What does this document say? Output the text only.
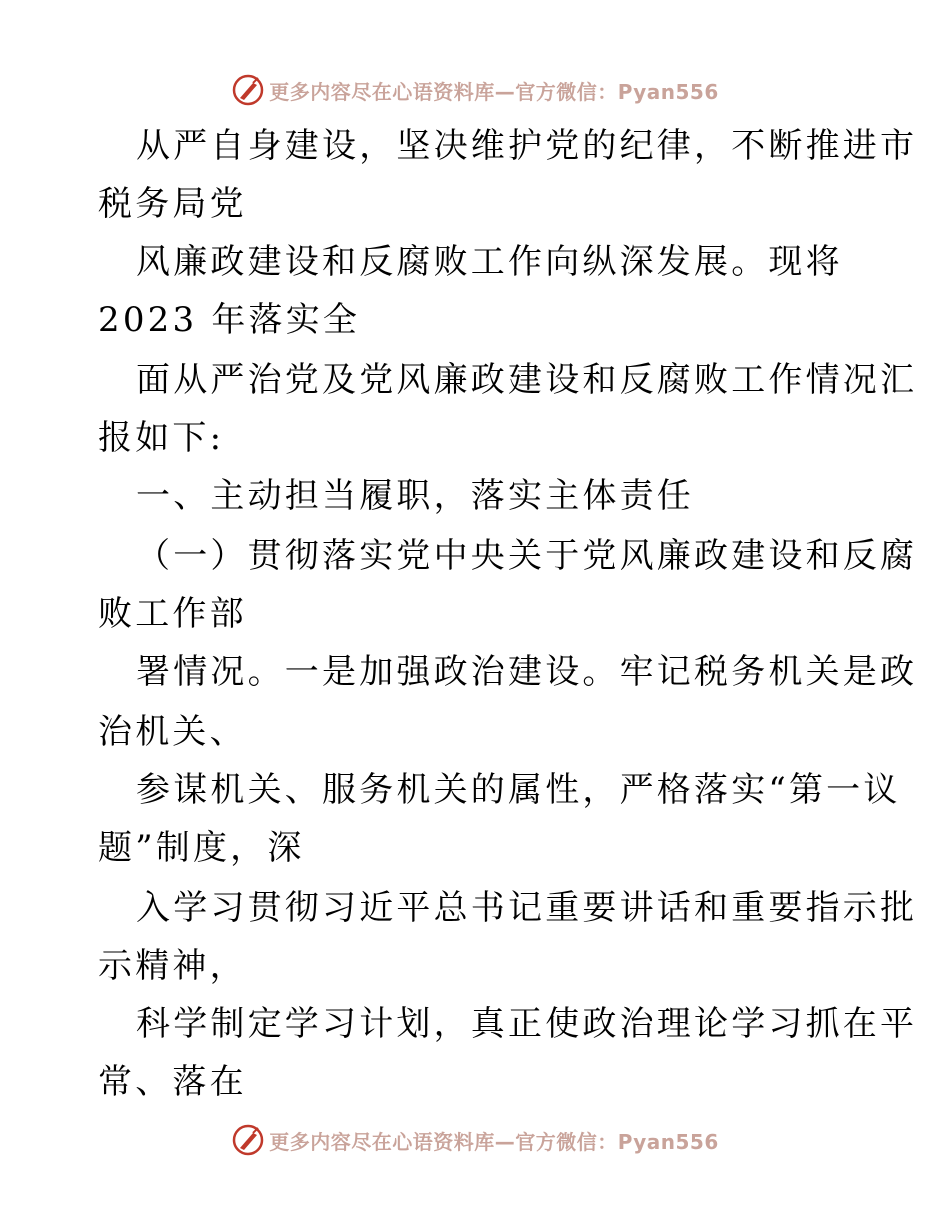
更多内容尽在心语资料库—官方微信：Pyan556
从严自身建设，坚决维护党的纪律，不断推进市
税务局党
风廉政建设和反腐败工作向纵深发展。现将
2023 年落实全
面从严治党及党风廉政建设和反腐败工作情况汇
报如下:
一、主动担当履职，落实主体责任
（一）贯彻落实党中央关于党风廉政建设和反腐
败工作部
署情况。一是加强政治建设。牢记税务机关是政
治机关、
参谋机关、服务机关的属性，严格落实“第一议
题”制度，深
入学习贯彻习近平总书记重要讲话和重要指示批
示精神，
科学制定学习计划，真正使政治理论学习抓在平
常、落在
更多内容尽在心语资料库—官方微信：Pyan556
